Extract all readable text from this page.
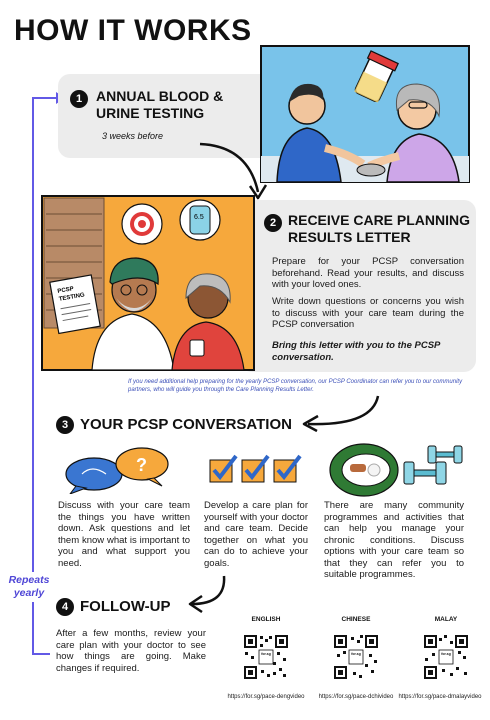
HOW IT WORKS
Repeats
yearly
1 ANNUAL BLOOD &
URINE TESTING
3 weeks before
2 RECEIVE CARE PLANNING
RESULTS LETTER
Prepare for your PCSP conversation beforehand. Read your results, and discuss with your loved ones.
Write down questions or concerns you wish to discuss with your care team during the PCSP conversation
Bring this letter with you to the PCSP conversation.
PCSP
TESTING
6.5
If you need additional help preparing for the yearly PCSP conversation, our PCSP Coordinator can refer you to our community partners, who will guide you through the Care Planning Results Letter.
3 YOUR PCSP CONVERSATION
?
Discuss with your care team the things you have written down. Ask questions and let them know what is important to you and what support you need.
Develop a care plan for yourself with your doctor and care team. Decide together on what you can do to achieve your goals.
There are many community programmes and activities that can help you manage your chronic conditions. Discuss options with your care team so that they can refer you to suitable programmes.
4 FOLLOW-UP
After a few months, review your care plan with your doctor to see how things are going. Make changes if required.
ENGLISH	CHINESE	MALAY
for.sg	for.sg	for.sg
https://for.sg/pace-dengvideo	https://for.sg/pace-dchivideo https://for.sg/pace-dmalayvideo
